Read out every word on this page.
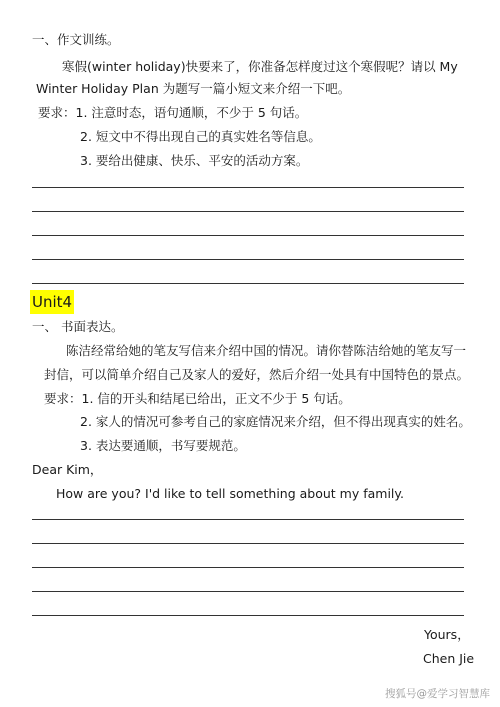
一、作文训练。
寒假(winter holiday)快要来了，你准备怎样度过这个寒假呢？请以 My
Winter Holiday Plan 为题写一篇小短文来介绍一下吧。
要求：1. 注意时态，语句通顺，不少于 5 句话。
2. 短文中不得出现自己的真实姓名等信息。
3. 要给出健康、快乐、平安的活动方案。
Unit4
一、 书面表达。
陈洁经常给她的笔友写信来介绍中国的情况。请你替陈洁给她的笔友写一
封信，可以简单介绍自己及家人的爱好，然后介绍一处具有中国特色的景点。
要求：1. 信的开头和结尾已给出，正文不少于 5 句话。
2. 家人的情况可参考自己的家庭情况来介绍，但不得出现真实的姓名。
3. 表达要通顺，书写要规范。
Dear Kim，
How are you? I'd like to tell something about my family.
Yours，
Chen Jie
搜狐号@爱学习智慧库
